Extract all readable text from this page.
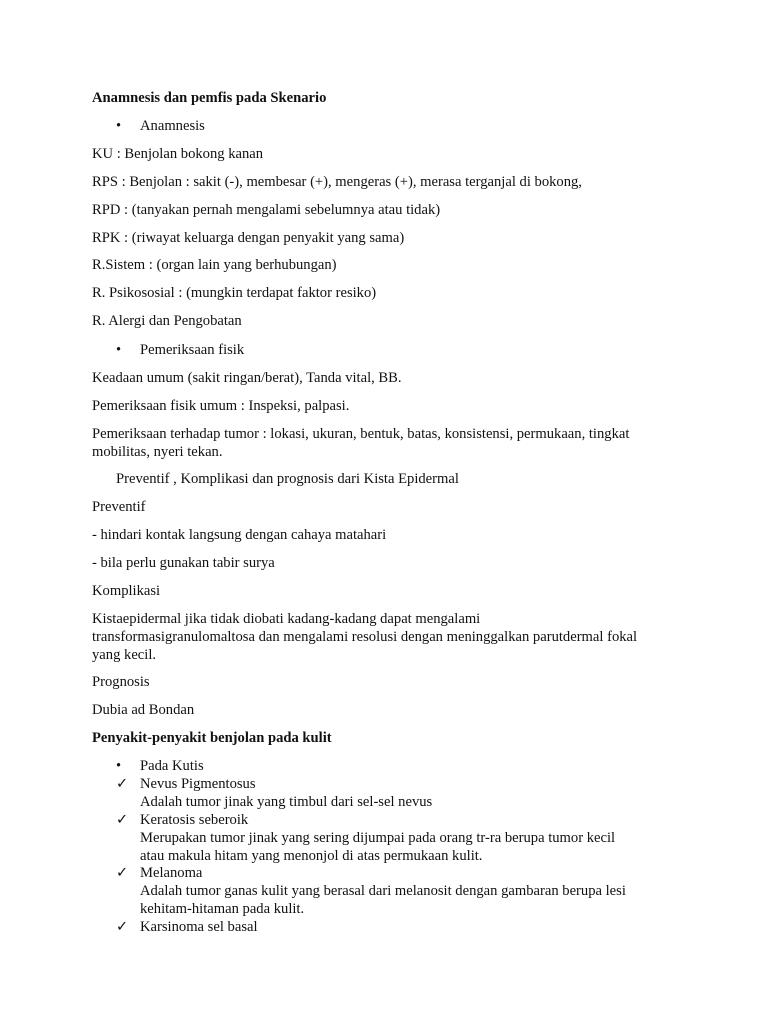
Anamnesis dan pemfis pada Skenario
• Anamnesis
KU : Benjolan bokong kanan
RPS : Benjolan : sakit (-), membesar (+), mengeras (+), merasa terganjal di bokong,
RPD : (tanyakan pernah mengalami sebelumnya atau tidak)
RPK : (riwayat keluarga dengan penyakit yang sama)
R.Sistem : (organ lain yang berhubungan)
R. Psikososial : (mungkin terdapat faktor resiko)
R. Alergi dan Pengobatan
• Pemeriksaan fisik
Keadaan umum (sakit ringan/berat), Tanda vital, BB.
Pemeriksaan fisik umum : Inspeksi, palpasi.
Pemeriksaan terhadap tumor : lokasi, ukuran, bentuk, batas, konsistensi, permukaan, tingkat
mobilitas, nyeri tekan.
Preventif , Komplikasi dan prognosis dari Kista Epidermal
Preventif
- hindari kontak langsung dengan cahaya matahari
- bila perlu gunakan tabir surya
Komplikasi
Kistaepidermal jika tidak diobati kadang-kadang dapat mengalami
transformasigranulomaltosa dan mengalami resolusi dengan meninggalkan parutdermal fokal
yang kecil.
Prognosis
Dubia ad Bondan
Penyakit-penyakit benjolan pada kulit
• Pada Kutis
✓ Nevus Pigmentosus
Adalah tumor jinak yang timbul dari sel-sel nevus
✓ Keratosis seberoik
Merupakan tumor jinak yang sering dijumpai pada orang tr-ra berupa tumor kecil
atau makula hitam yang menonjol di atas permukaan kulit.
✓ Melanoma
Adalah tumor ganas kulit yang berasal dari melanosit dengan gambaran berupa lesi
kehitam-hitaman pada kulit.
✓ Karsinoma sel basal
